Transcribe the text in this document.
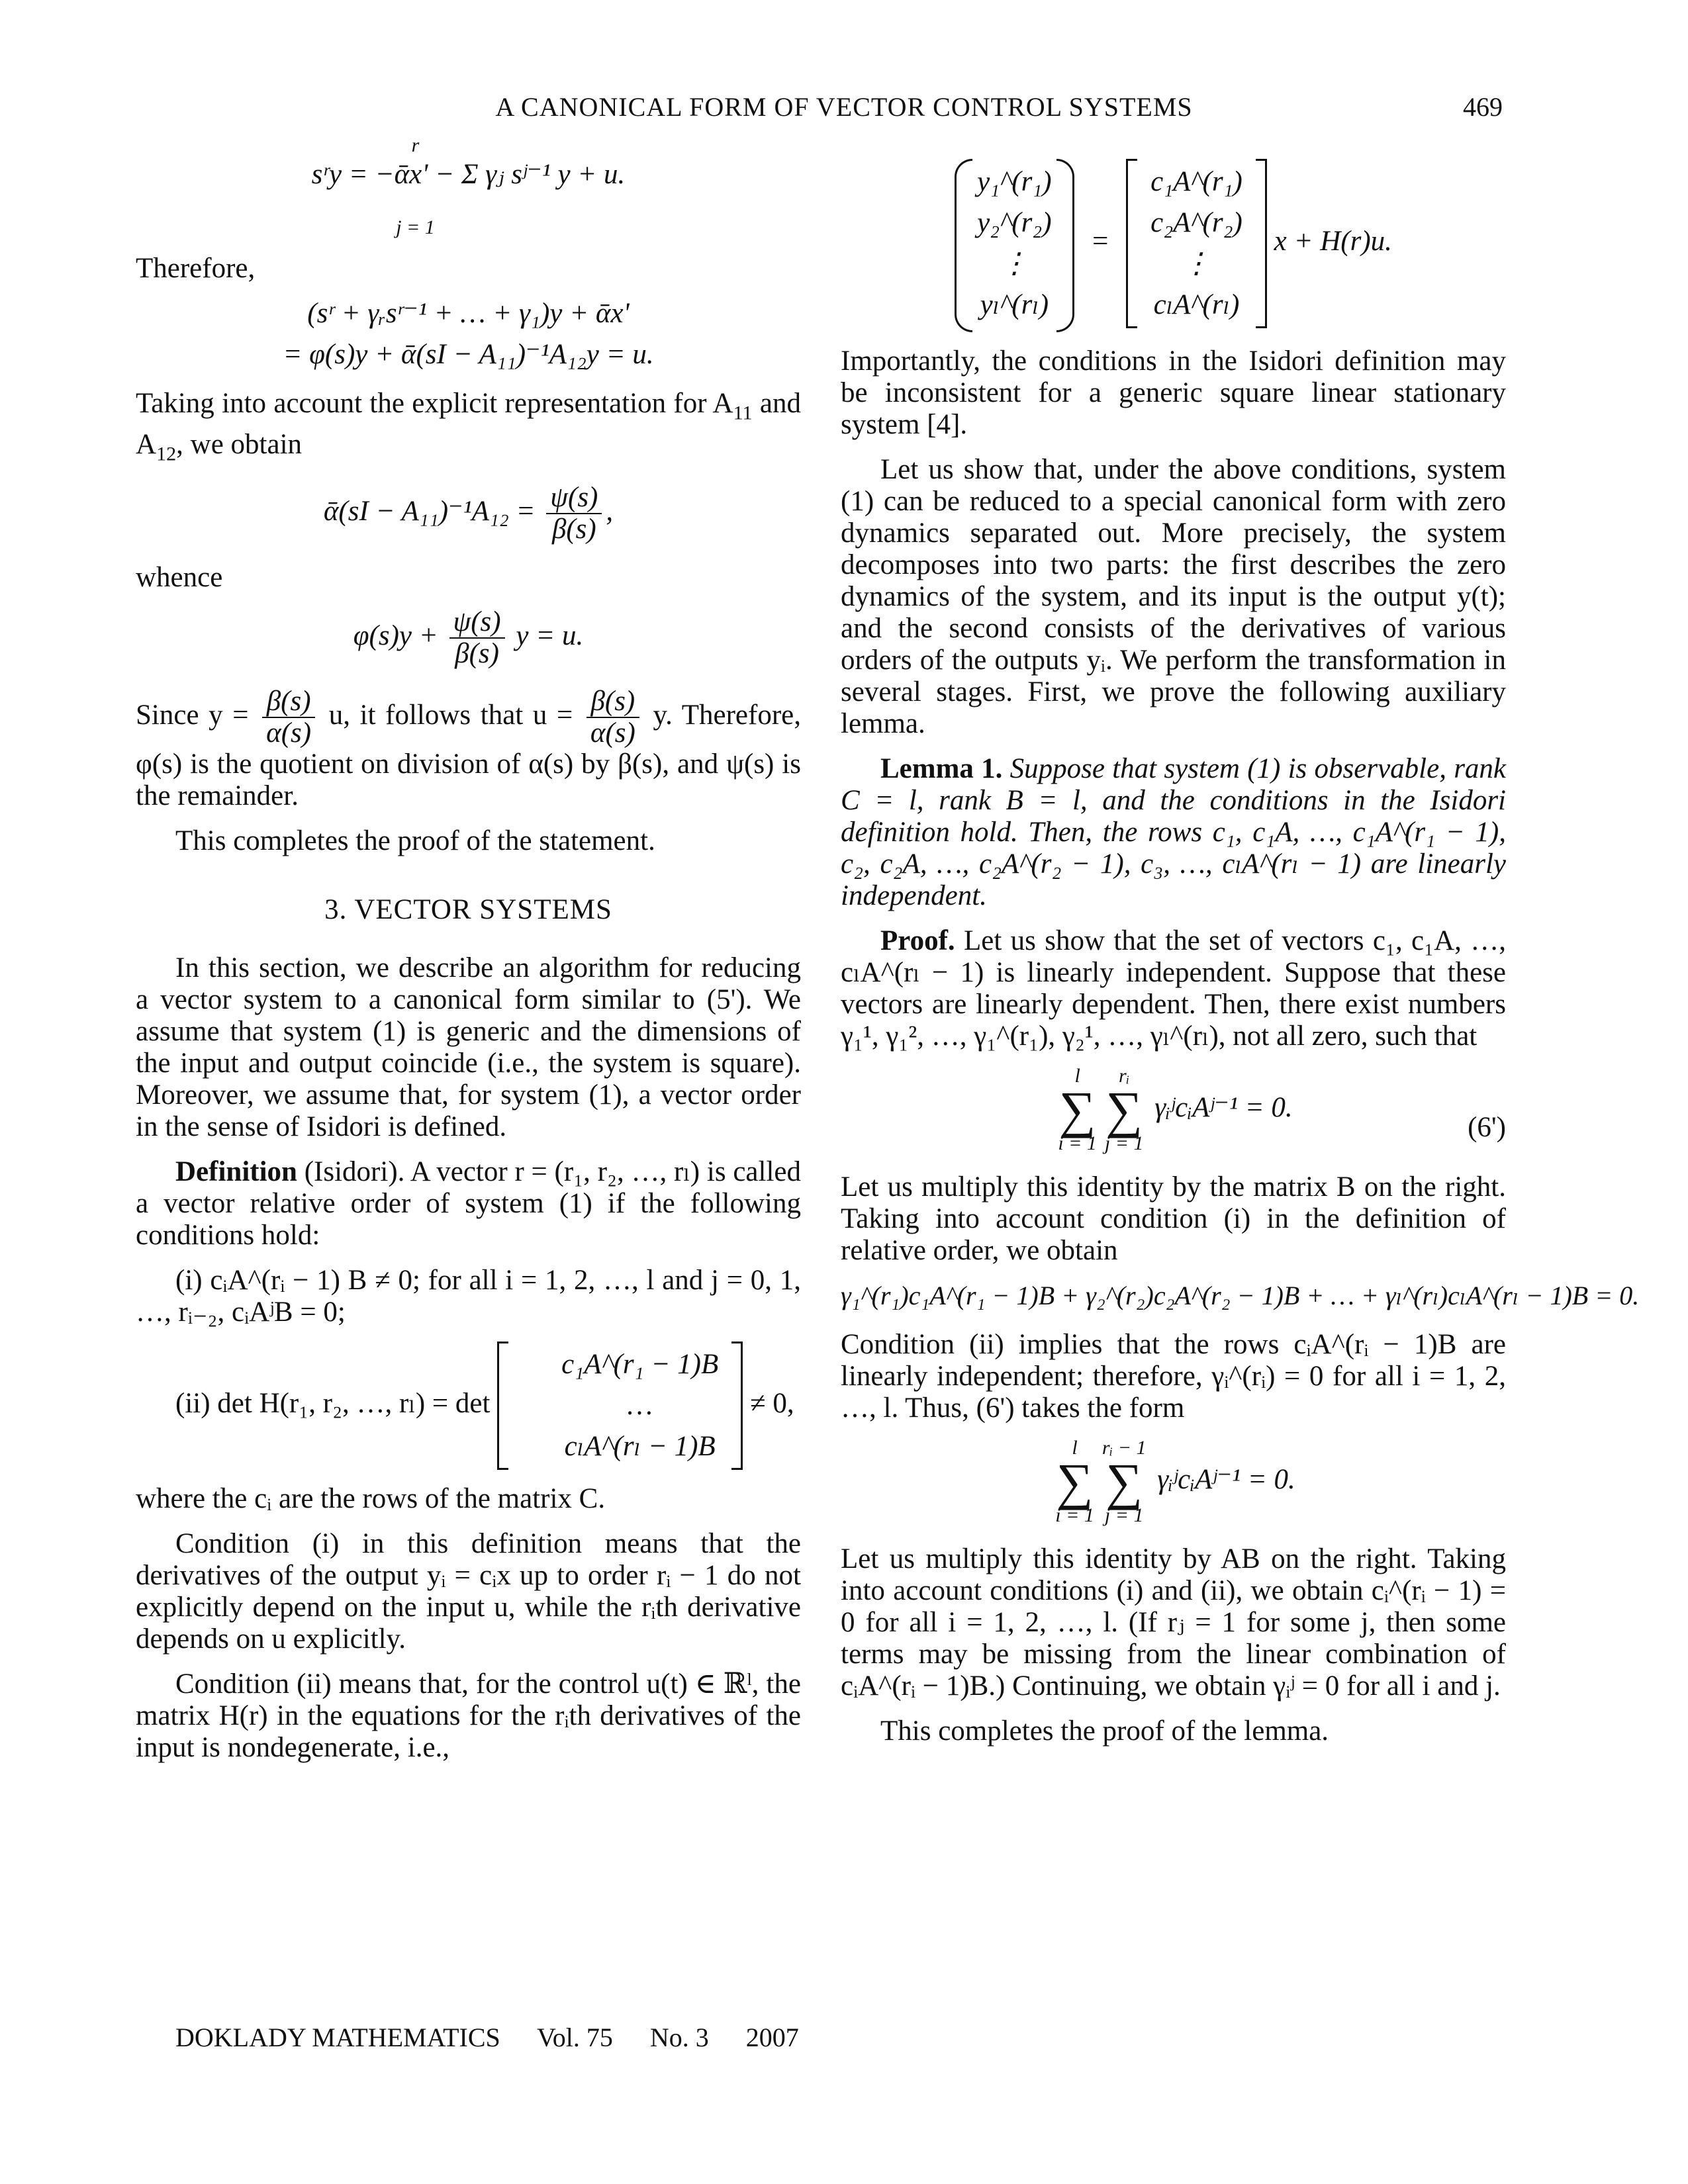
A CANONICAL FORM OF VECTOR CONTROL SYSTEMS	469
sʳy = −ᾱx' − Σ γⱼ sʲ⁻¹ y + u.
r
j = 1

Therefore,

(sʳ + γᵣsʳ⁻¹ + … + γ₁)y + ᾱx'
= φ(s)y + ᾱ(sI − A₁₁)⁻¹A₁₂y = u.

Taking into account the explicit representation for $A_{11}$ and $A_{12}$, we obtain

ᾱ(sI − $A_{11})^{-1}A_{12} = \frac{\psi(s)}{\beta(s)}$ ,

whence

$\varphi(s)y + \frac{\psi(s)}{\beta(s)}$ y = u.

Since $y = \frac{\beta(s)}{\alpha(s)} u$, it follows that $u = \frac{\beta(s)}{\alpha(s)} y$. Therefore, φ(s) is the quotient on division of α(s) by β(s), and ψ(s) is the remainder.

This completes the proof of the statement.

3. VECTOR SYSTEMS

In this section, we describe an algorithm for reducing a vector system to a canonical form similar to (5'). We assume that system (1) is generic and the dimensions of the input and output coincide (i.e., the system is square). Moreover, we assume that, for system (1), a vector order in the sense of Isidori is defined.

Definition (Isidori). A vector r = (r₁, r₂, …, rₗ) is called a vector relative order of system (1) if the following conditions hold:

(i) cᵢA^(rᵢ − 1) B ≠ 0; for all i = 1, 2, …, l and j = 0, 1, …, rᵢ₋₂, cᵢAʲB = 0;

(ii) det H(r₁, r₂, …, rₗ) = det
c₁A^(r₁ − 1)B
…
cₗA^(rₗ − 1)B
≠ 0,

where the cᵢ are the rows of the matrix C.

Condition (i) in this definition means that the derivatives of the output yᵢ = cᵢx up to order rᵢ − 1 do not explicitly depend on the input u, while the rᵢth derivative depends on u explicitly.

Condition (ii) means that, for the control u(t) ∈ ℝˡ, the matrix H(r) in the equations for the rᵢth derivatives of the input is nondegenerate, i.e.,

y₁^(r₁)
y₂^(r₂)
⋮
yₗ^(rₗ)
=
c₁A^(r₁)
c₂A^(r₂)
⋮
cₗA^(rₗ)
x + H(r)u.

Importantly, the conditions in the Isidori definition may be inconsistent for a generic square linear stationary system [4].

Let us show that, under the above conditions, system (1) can be reduced to a special canonical form with zero dynamics separated out. More precisely, the system decomposes into two parts: the first describes the zero dynamics of the system, and its input is the output y(t); and the second consists of the derivatives of various orders of the outputs yᵢ. We perform the transformation in several stages. First, we prove the following auxiliary lemma.

Lemma 1. Suppose that system (1) is observable, rank C = l, rank B = l, and the conditions in the Isidori definition hold. Then, the rows c₁, c₁A, …, c₁A^(r₁ − 1), c₂, c₂A, …, c₂A^(r₂ − 1), c₃, …, cₗA^(rₗ − 1) are linearly independent.

Proof. Let us show that the set of vectors c₁, c₁A, …, cₗA^(rₗ − 1) is linearly independent. Suppose that these vectors are linearly dependent. Then, there exist numbers γ₁¹, γ₁², …, γ₁^(r₁), γ₂¹, …, γₗ^(rₗ), not all zero, such that

l
∑
i = 1
rᵢ
∑
j = 1
γᵢʲcᵢAʲ⁻¹ = 0.
(6')

Let us multiply this identity by the matrix B on the right. Taking into account condition (i) in the definition of relative order, we obtain

γ₁^(r₁)c₁A^(r₁ − 1)B + γ₂^(r₂)c₂A^(r₂ − 1)B + … + γₗ^(rₗ)cₗA^(rₗ − 1)B = 0.

Condition (ii) implies that the rows cᵢA^(rᵢ − 1)B are linearly independent; therefore, γᵢ^(rᵢ) = 0 for all i = 1, 2, …, l. Thus, (6') takes the form

l
∑
i = 1
rᵢ − 1
∑
j = 1
γᵢʲcᵢAʲ⁻¹ = 0.

Let us multiply this identity by AB on the right. Taking into account conditions (i) and (ii), we obtain cᵢ^(rᵢ − 1) = 0 for all i = 1, 2, …, l. (If rⱼ = 1 for some j, then some terms may be missing from the linear combination of cᵢA^(rᵢ − 1)B.) Continuing, we obtain γᵢʲ = 0 for all i and j.

This completes the proof of the lemma.

DOKLADY MATHEMATICS Vol. 75 No. 3 2007
